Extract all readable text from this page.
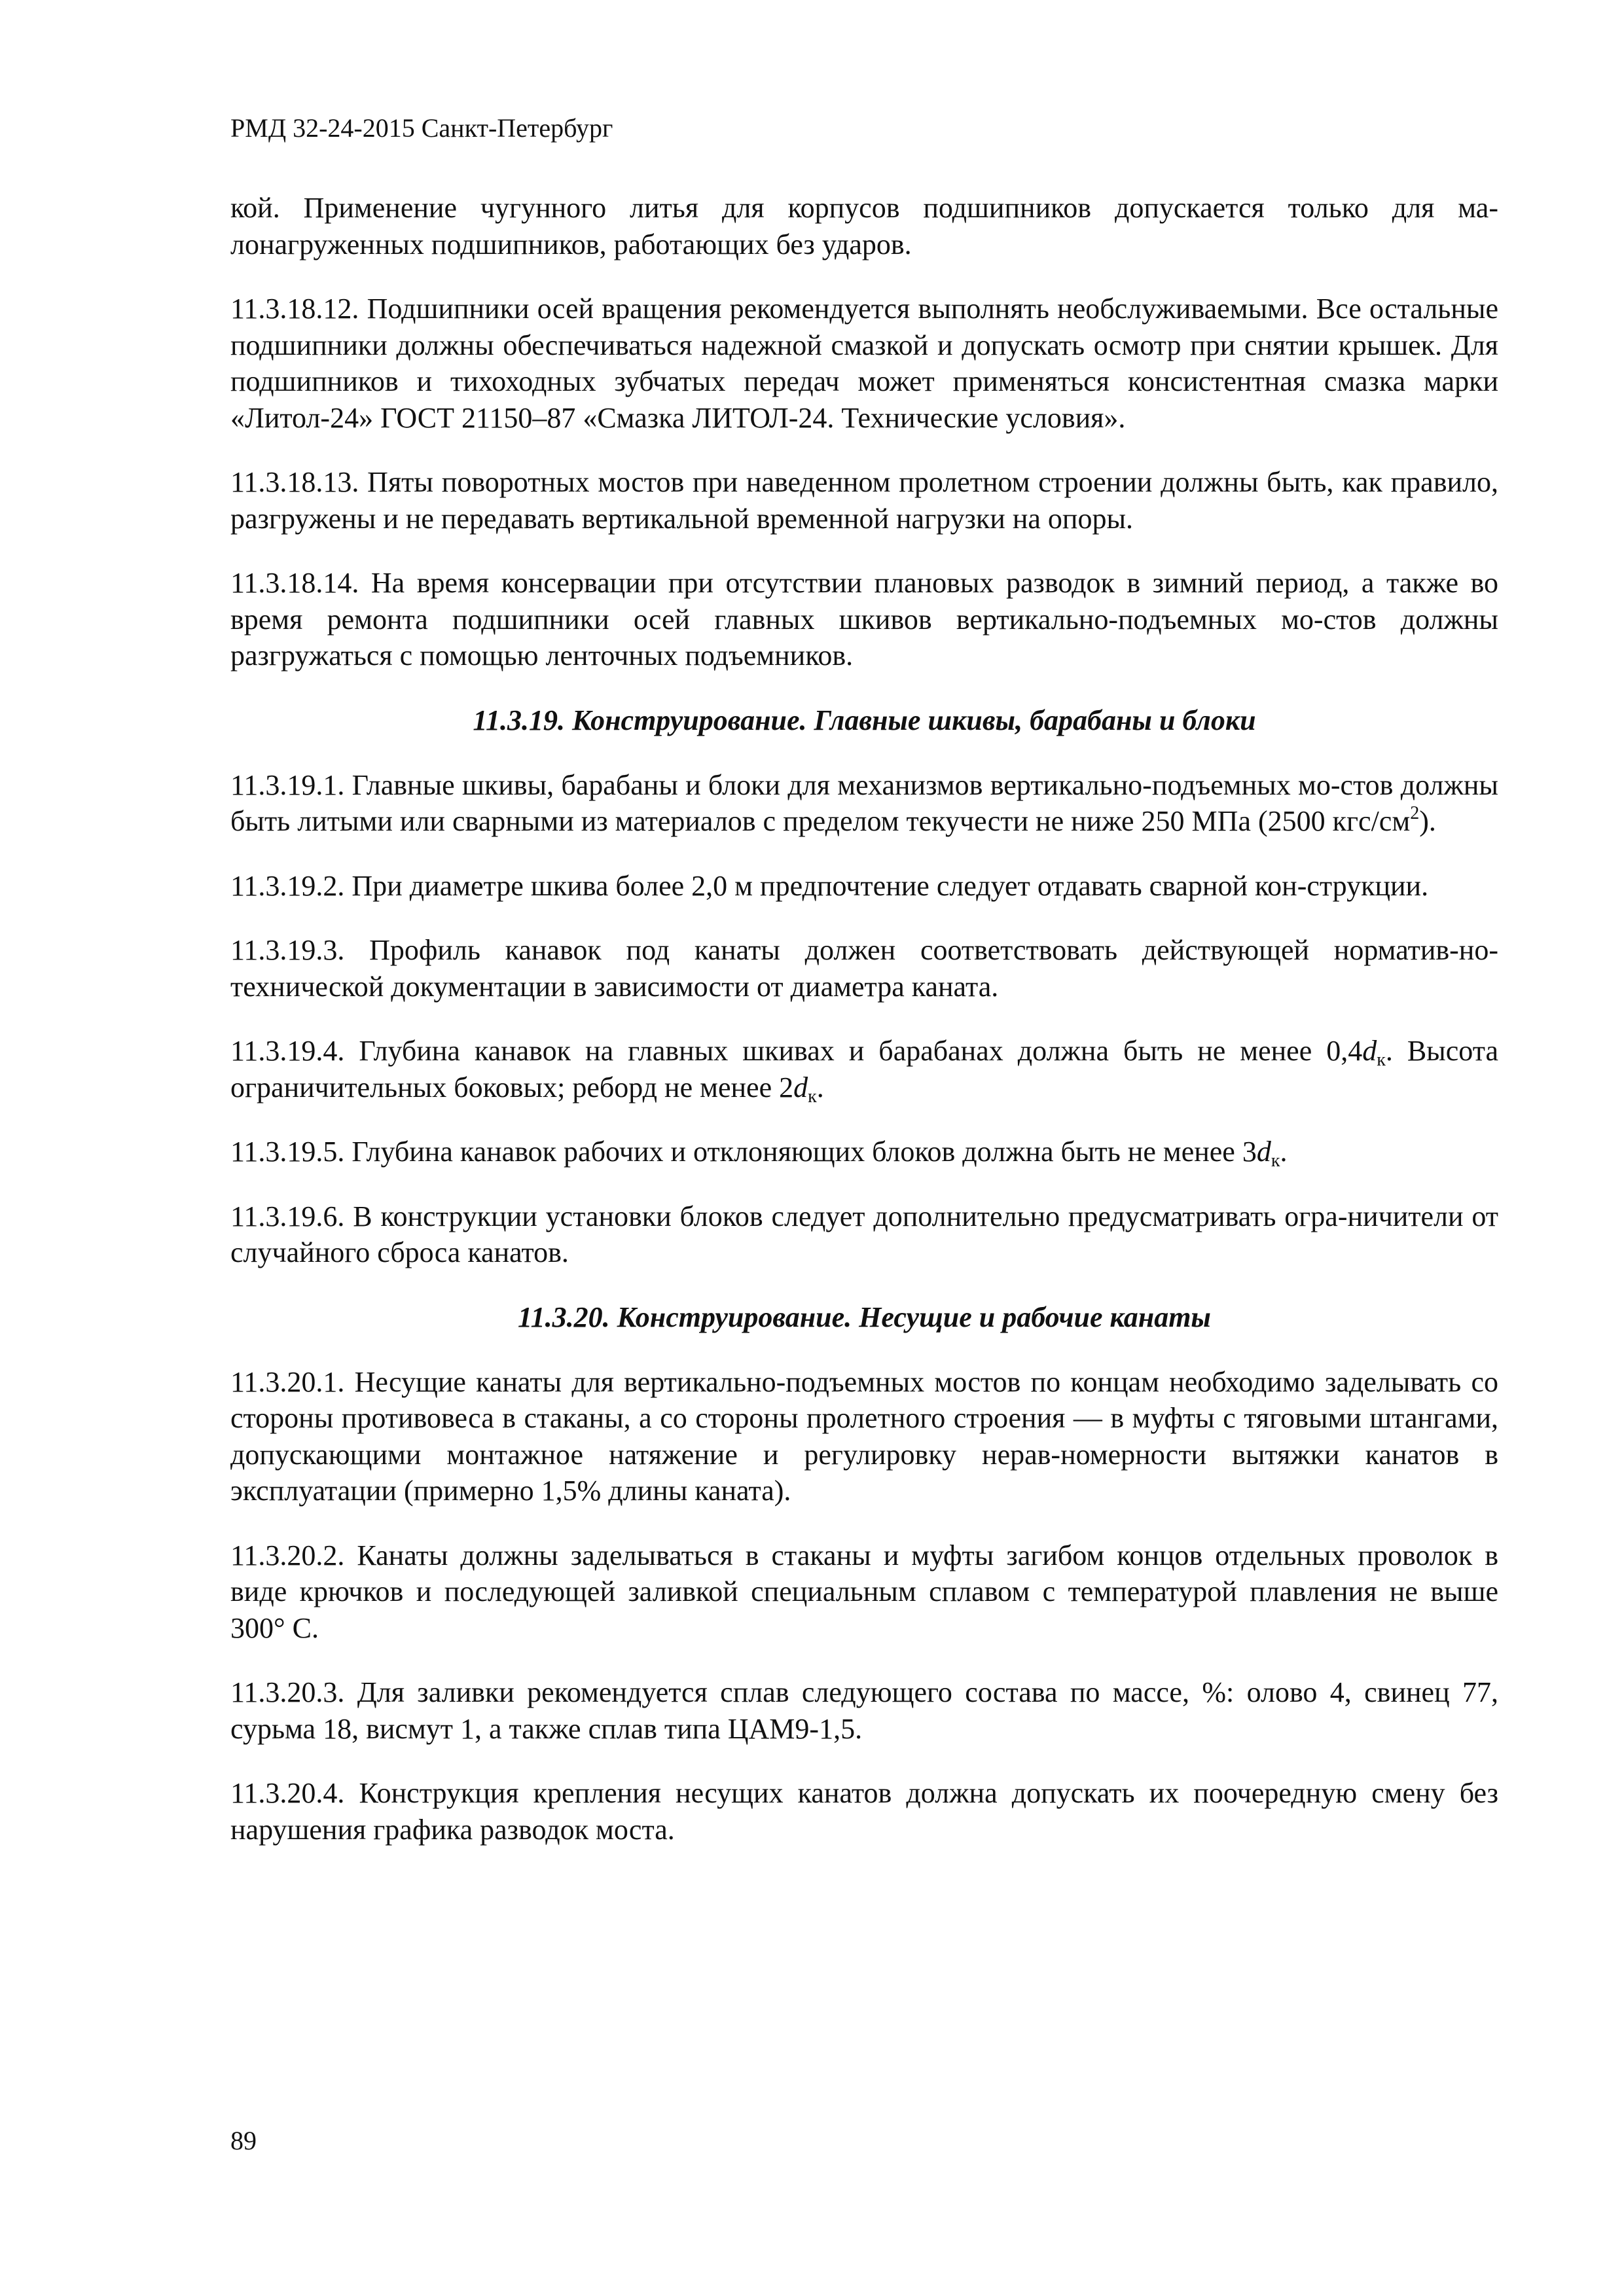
РМД 32-24-2015 Санкт-Петербург

кой. Применение чугунного литья для корпусов подшипников допускается только для ма-лонагруженных подшипников, работающих без ударов.

11.3.18.12. Подшипники осей вращения рекомендуется выполнять необслуживаемыми. Все остальные подшипники должны обеспечиваться надежной смазкой и допускать осмотр при снятии крышек. Для подшипников и тихоходных зубчатых передач может применяться консистентная смазка марки «Литол-24» ГОСТ 21150–87 «Смазка ЛИТОЛ-24. Технические условия».

11.3.18.13. Пяты поворотных мостов при наведенном пролетном строении должны быть, как правило, разгружены и не передавать вертикальной временной нагрузки на опоры.

11.3.18.14. На время консервации при отсутствии плановых разводок в зимний период, а также во время ремонта подшипники осей главных шкивов вертикально-подъемных мо-стов должны разгружаться с помощью ленточных подъемников.

11.3.19. Конструирование. Главные шкивы, барабаны и блоки

11.3.19.1. Главные шкивы, барабаны и блоки для механизмов вертикально-подъемных мо-стов должны быть литыми или сварными из материалов с пределом текучести не ниже 250 МПа (2500 кгс/$см^2$).

11.3.19.2. При диаметре шкива более 2,0 м предпочтение следует отдавать сварной кон-струкции.

11.3.19.3. Профиль канавок под канаты должен соответствовать действующей норматив-но-технической документации в зависимости от диаметра каната.

11.3.19.4. Глубина канавок на главных шкивах и барабанах должна быть не менее $0,4d_к$. Высота ограничительных боковых; реборд не менее $2d_к$.

11.3.19.5. Глубина канавок рабочих и отклоняющих блоков должна быть не менее $3d_к$.

11.3.19.6. В конструкции установки блоков следует дополнительно предусматривать огра-ничители от случайного сброса канатов.

11.3.20. Конструирование. Несущие и рабочие канаты

11.3.20.1. Несущие канаты для вертикально-подъемных мостов по концам необходимо заделывать со стороны противовеса в стаканы, а со стороны пролетного строения — в муфты с тяговыми штангами, допускающими монтажное натяжение и регулировку нерав-номерности вытяжки канатов в эксплуатации (примерно 1,5% длины каната).

11.3.20.2. Канаты должны заделываться в стаканы и муфты загибом концов отдельных проволок в виде крючков и последующей заливкой специальным сплавом с температурой плавления не выше 300° С.

11.3.20.3. Для заливки рекомендуется сплав следующего состава по массе, %: олово 4, свинец 77, сурьма 18, висмут 1, а также сплав типа ЦАМ9-1,5.

11.3.20.4. Конструкция крепления несущих канатов должна допускать их поочередную смену без нарушения графика разводок моста.

89
